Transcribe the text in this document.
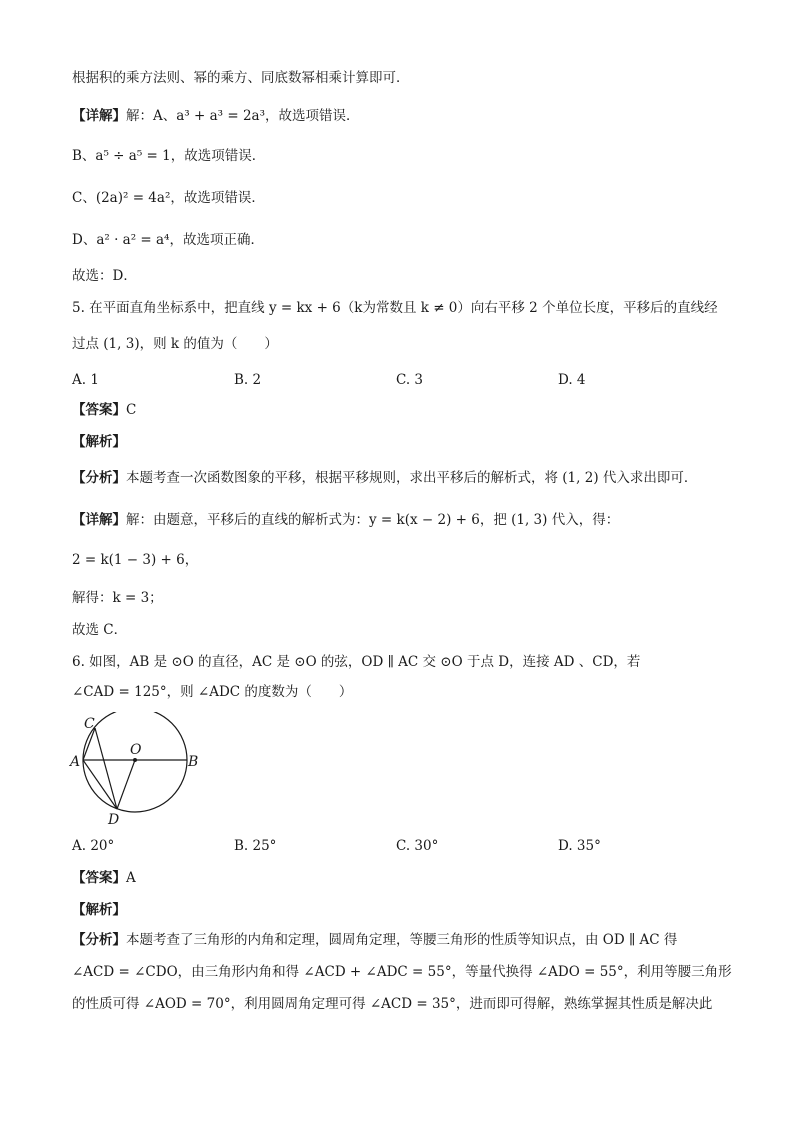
根据积的乘方法则、幂的乘方、同底数幂相乘计算即可．
【详解】解：A、a³ + a³ = 2a³，故选项错误．
B、a⁵ ÷ a⁵ = 1，故选项错误．
C、(2a)² = 4a²，故选项错误．
D、a² · a² = a⁴，故选项正确．
故选：D．
5. 在平面直角坐标系中，把直线 y = kx + 6（k为常数且 k ≠ 0）向右平移 2 个单位长度，平移后的直线经
过点 (1, 3)，则 k 的值为（　　）
A. 1	B. 2	C. 3	D. 4
【答案】C
【解析】
【分析】本题考查一次函数图象的平移，根据平移规则，求出平移后的解析式，将 (1, 2) 代入求出即可．
【详解】解：由题意，平移后的直线的解析式为：y = k(x − 2) + 6，把 (1, 3) 代入，得：
2 = k(1 − 3) + 6，
解得：k = 3；
故选 C．
6. 如图，AB 是 ⊙O 的直径，AC 是 ⊙O 的弦，OD ∥ AC 交 ⊙O 于点 D，连接 AD 、CD，若
∠CAD = 125°，则 ∠ADC 的度数为（　　）
C
A
O
B
D
A. 20°	B. 25°	C. 30°	D. 35°
【答案】A
【解析】
【分析】本题考查了三角形的内角和定理，圆周角定理，等腰三角形的性质等知识点，由 OD ∥ AC 得
∠ACD = ∠CDO，由三角形内角和得 ∠ACD + ∠ADC = 55°，等量代换得 ∠ADO = 55°，利用等腰三角形
的性质可得 ∠AOD = 70°，利用圆周角定理可得 ∠ACD = 35°，进而即可得解，熟练掌握其性质是解决此
